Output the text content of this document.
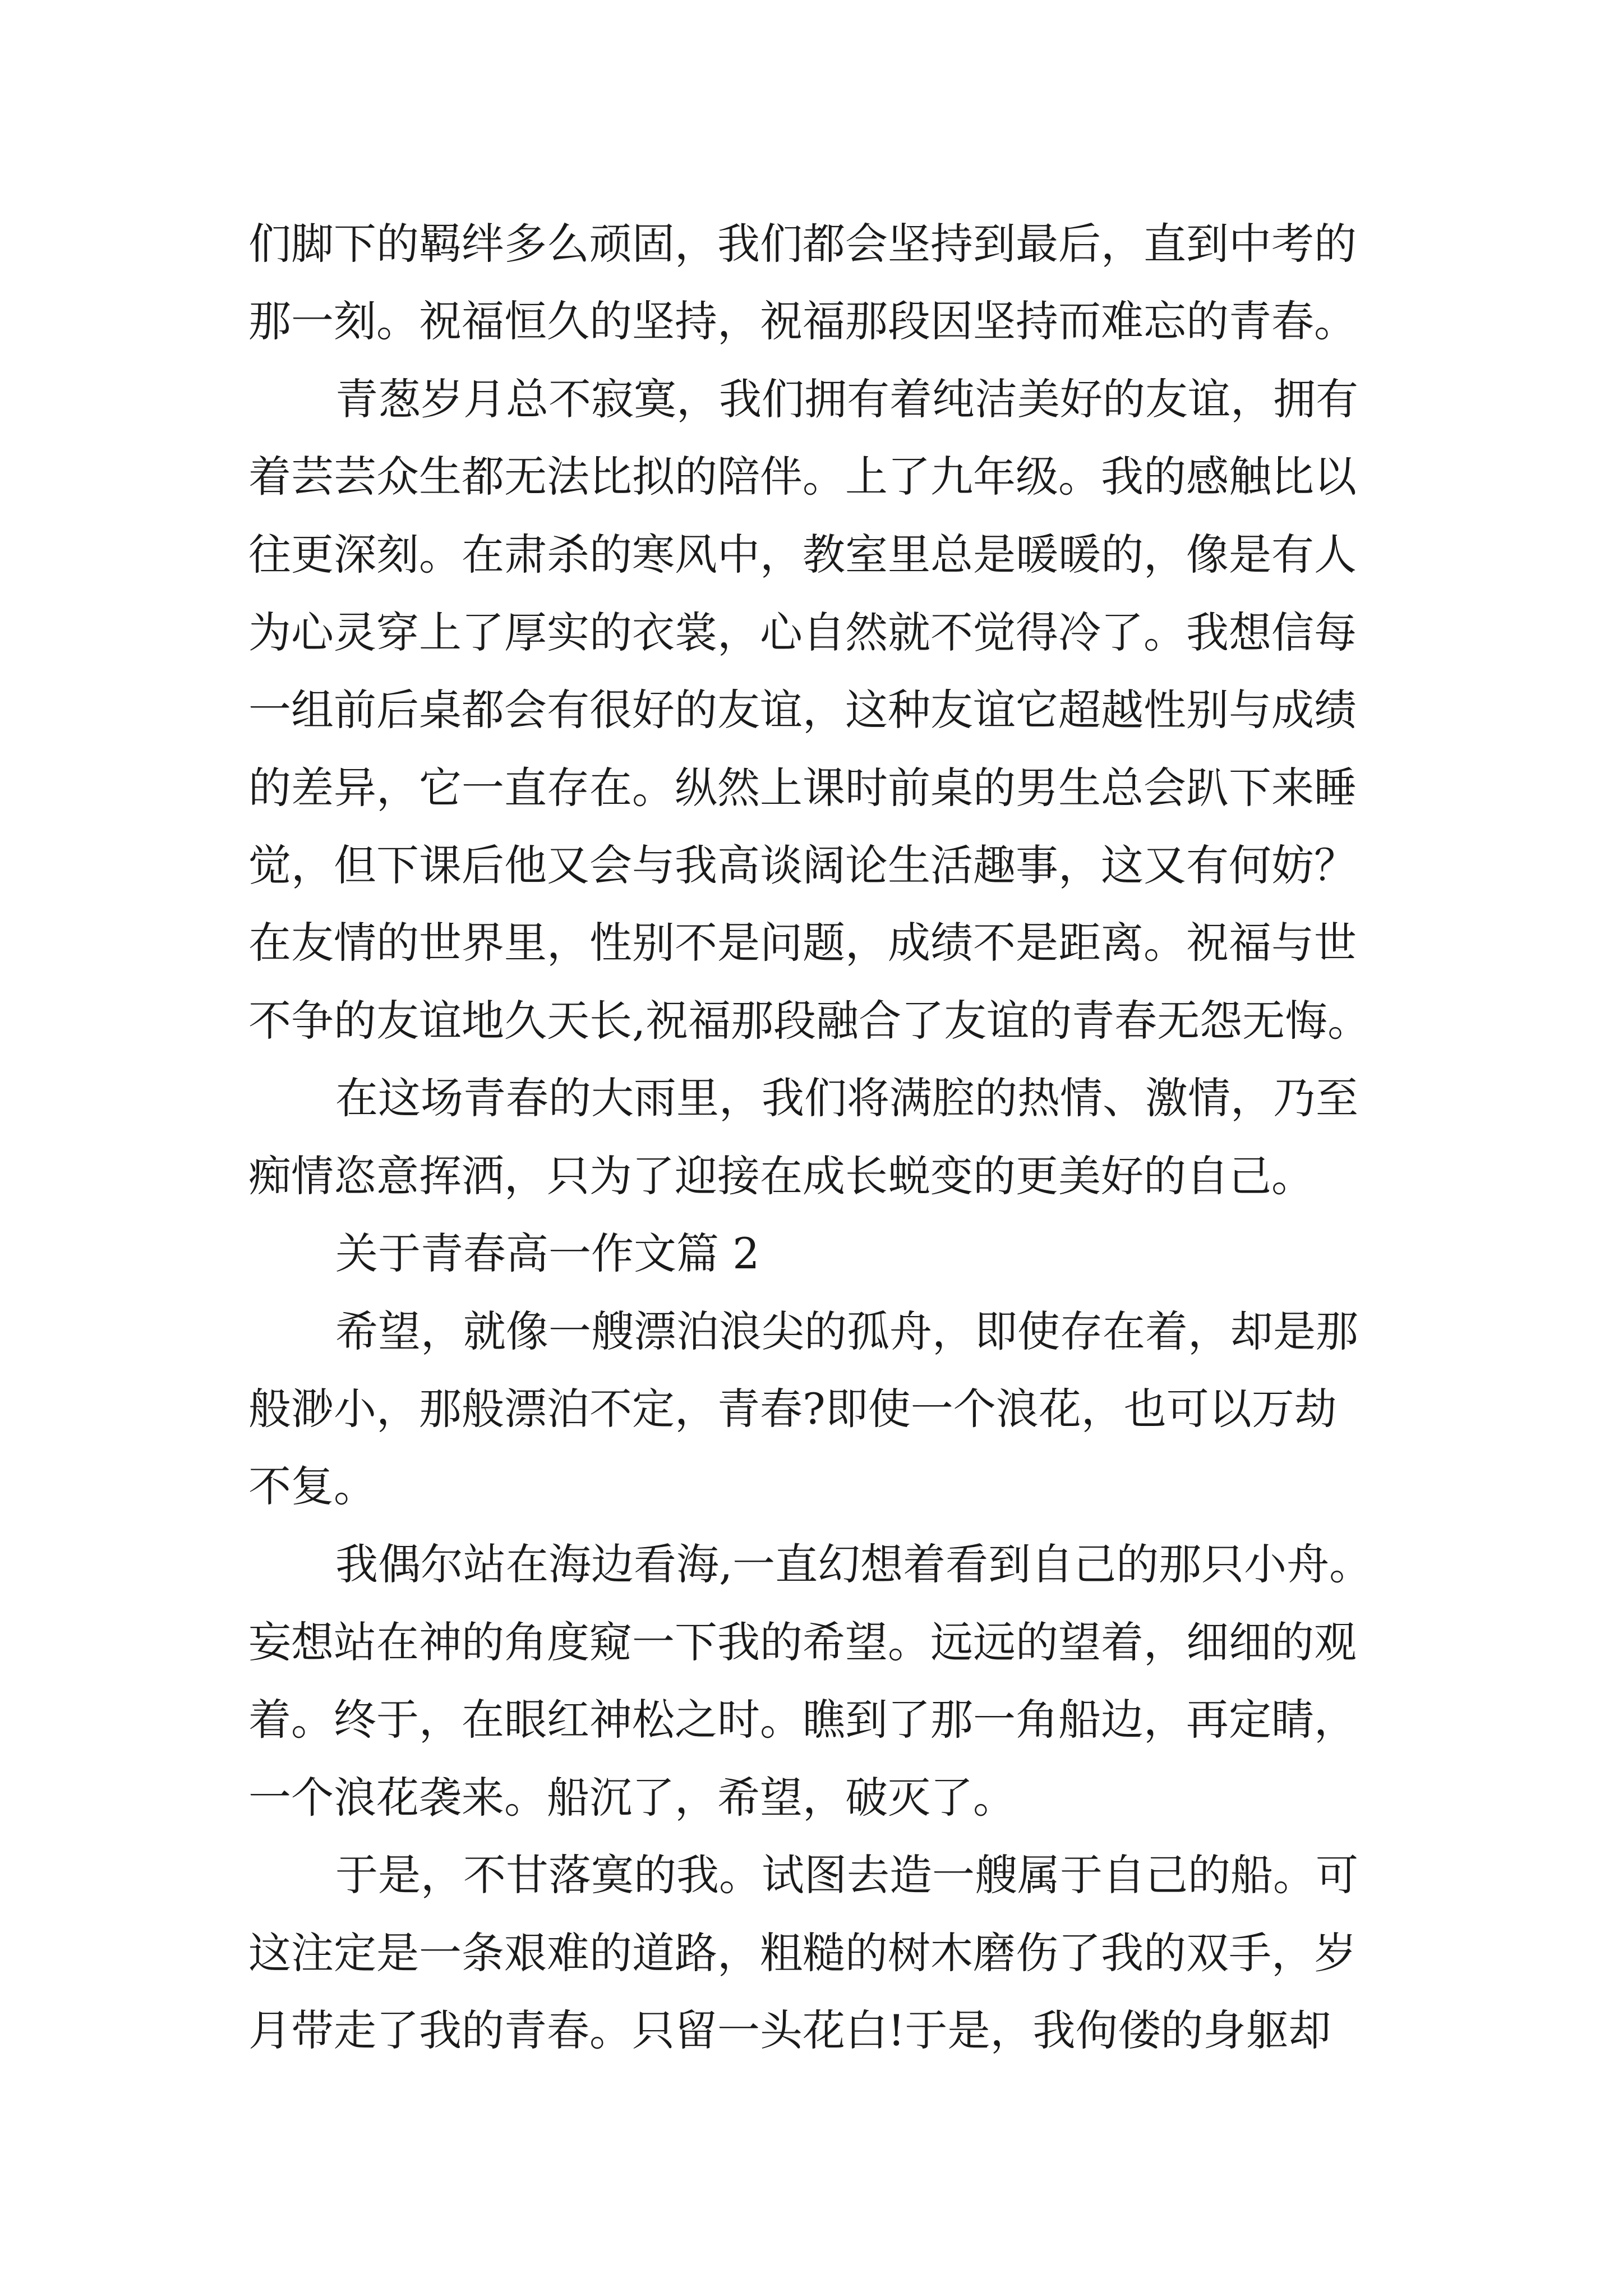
们脚下的羁绊多么顽固，我们都会坚持到最后，直到中考的
那一刻。祝福恒久的坚持，祝福那段因坚持而难忘的青春。
青葱岁月总不寂寞，我们拥有着纯洁美好的友谊，拥有
着芸芸众生都无法比拟的陪伴。上了九年级。我的感触比以
往更深刻。在肃杀的寒风中，教室里总是暖暖的，像是有人
为心灵穿上了厚实的衣裳，心自然就不觉得冷了。我想信每
一组前后桌都会有很好的友谊，这种友谊它超越性别与成绩
的差异，它一直存在。纵然上课时前桌的男生总会趴下来睡
觉，但下课后他又会与我高谈阔论生活趣事，这又有何妨？
在友情的世界里，性别不是问题，成绩不是距离。祝福与世
不争的友谊地久天长,祝福那段融合了友谊的青春无怨无悔。
在这场青春的大雨里，我们将满腔的热情、激情，乃至
痴情恣意挥洒，只为了迎接在成长蜕变的更美好的自己。
关于青春高一作文篇 2
希望，就像一艘漂泊浪尖的孤舟，即使存在着，却是那
般渺小，那般漂泊不定，青春?即使一个浪花，也可以万劫
不复。
我偶尔站在海边看海,一直幻想着看到自己的那只小舟。
妄想站在神的角度窥一下我的希望。远远的望着，细细的观
着。终于，在眼红神松之时。瞧到了那一角船边，再定睛，
一个浪花袭来。船沉了，希望，破灭了。
于是，不甘落寞的我。试图去造一艘属于自己的船。可
这注定是一条艰难的道路，粗糙的树木磨伤了我的双手，岁
月带走了我的青春。只留一头花白!于是，我佝偻的身躯却
